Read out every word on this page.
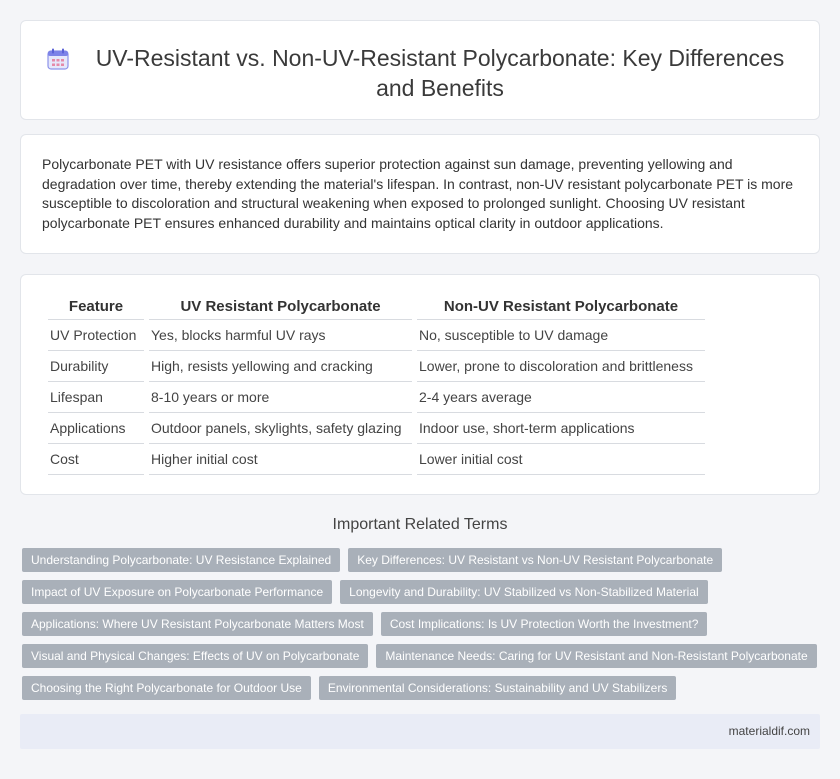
UV-Resistant vs. Non-UV-Resistant Polycarbonate: Key Differences and Benefits

Polycarbonate PET with UV resistance offers superior protection against sun damage, preventing yellowing and degradation over time, thereby extending the material's lifespan. In contrast, non-UV resistant polycarbonate PET is more susceptible to discoloration and structural weakening when exposed to prolonged sunlight. Choosing UV resistant polycarbonate PET ensures enhanced durability and maintains optical clarity in outdoor applications.

Feature	UV Resistant Polycarbonate	Non-UV Resistant Polycarbonate
UV Protection	Yes, blocks harmful UV rays	No, susceptible to UV damage
Durability	High, resists yellowing and cracking	Lower, prone to discoloration and brittleness
Lifespan	8-10 years or more	2-4 years average
Applications	Outdoor panels, skylights, safety glazing	Indoor use, short-term applications
Cost	Higher initial cost	Lower initial cost
Important Related Terms
Understanding Polycarbonate: UV Resistance Explained	Key Differences: UV Resistant vs Non-UV Resistant Polycarbonate
Impact of UV Exposure on Polycarbonate Performance	Longevity and Durability: UV Stabilized vs Non-Stabilized Material
Applications: Where UV Resistant Polycarbonate Matters Most	Cost Implications: Is UV Protection Worth the Investment?
Visual and Physical Changes: Effects of UV on Polycarbonate	Maintenance Needs: Caring for UV Resistant and Non-Resistant Polycarbonate
Choosing the Right Polycarbonate for Outdoor Use	Environmental Considerations: Sustainability and UV Stabilizers
materialdif.com
